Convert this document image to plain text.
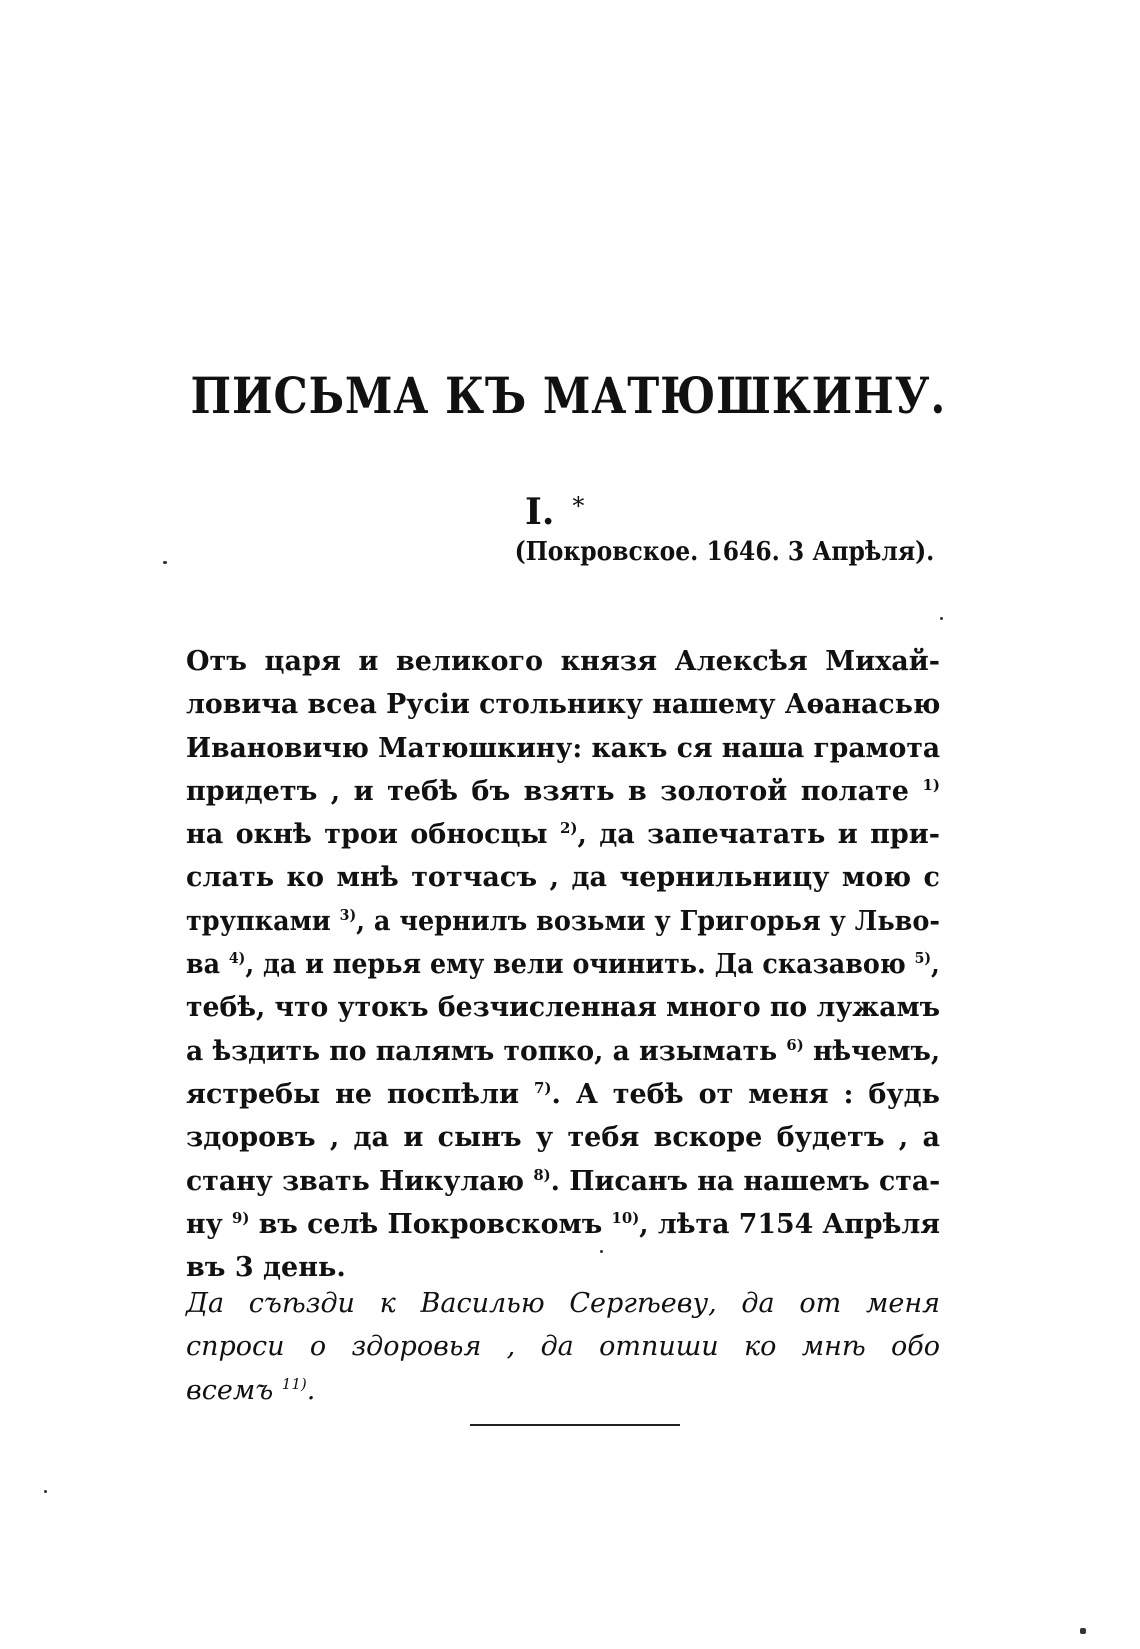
ПИСЬМА КЪ МАТЮШКИНУ.
I. *
(Покровское. 1646. 3 Апрѣля).
Отъ царя и великого князя Алексѣя Михай-
ловича всеа Русiи стольнику нашему Аѳанасью
Ивановичю Матюшкину: какъ ся наша грамота
придетъ , и тебѣ бъ взять в золотой полате $^{1)}$
на окнѣ трои обносцы $^{2)}$, да запечатать и при-
слать ко мнѣ тотчасъ , да чернильницу мою с
трупками $^{3)}$, а чернилъ возьми у Григорья у Льво-
ва $^{4)}$, да и перья ему вели очинить. Да сказавою $^{5)}$,
тебѣ, что утокъ безчисленная много по лужамъ
а ѣздить по палямъ топко, а изымать $^{6)}$ нѣчемъ,
ястребы не поспѣли $^{7)}$. А тебѣ от меня : будь
здоровъ , да и сынъ у тебя вскоре будетъ , а
стану звать Никулаю $^{8)}$. Писанъ на нашемъ ста-
ну $^{9)}$ въ селѣ Покровскомъ $^{10)}$, лѣта 7154 Апрѣля
въ 3 день.
Да съѣзди к Василью Сергѣеву, да от меня
спроси о здоровья , да отпиши ко мнѣ обо
всемъ $^{11)}$.
